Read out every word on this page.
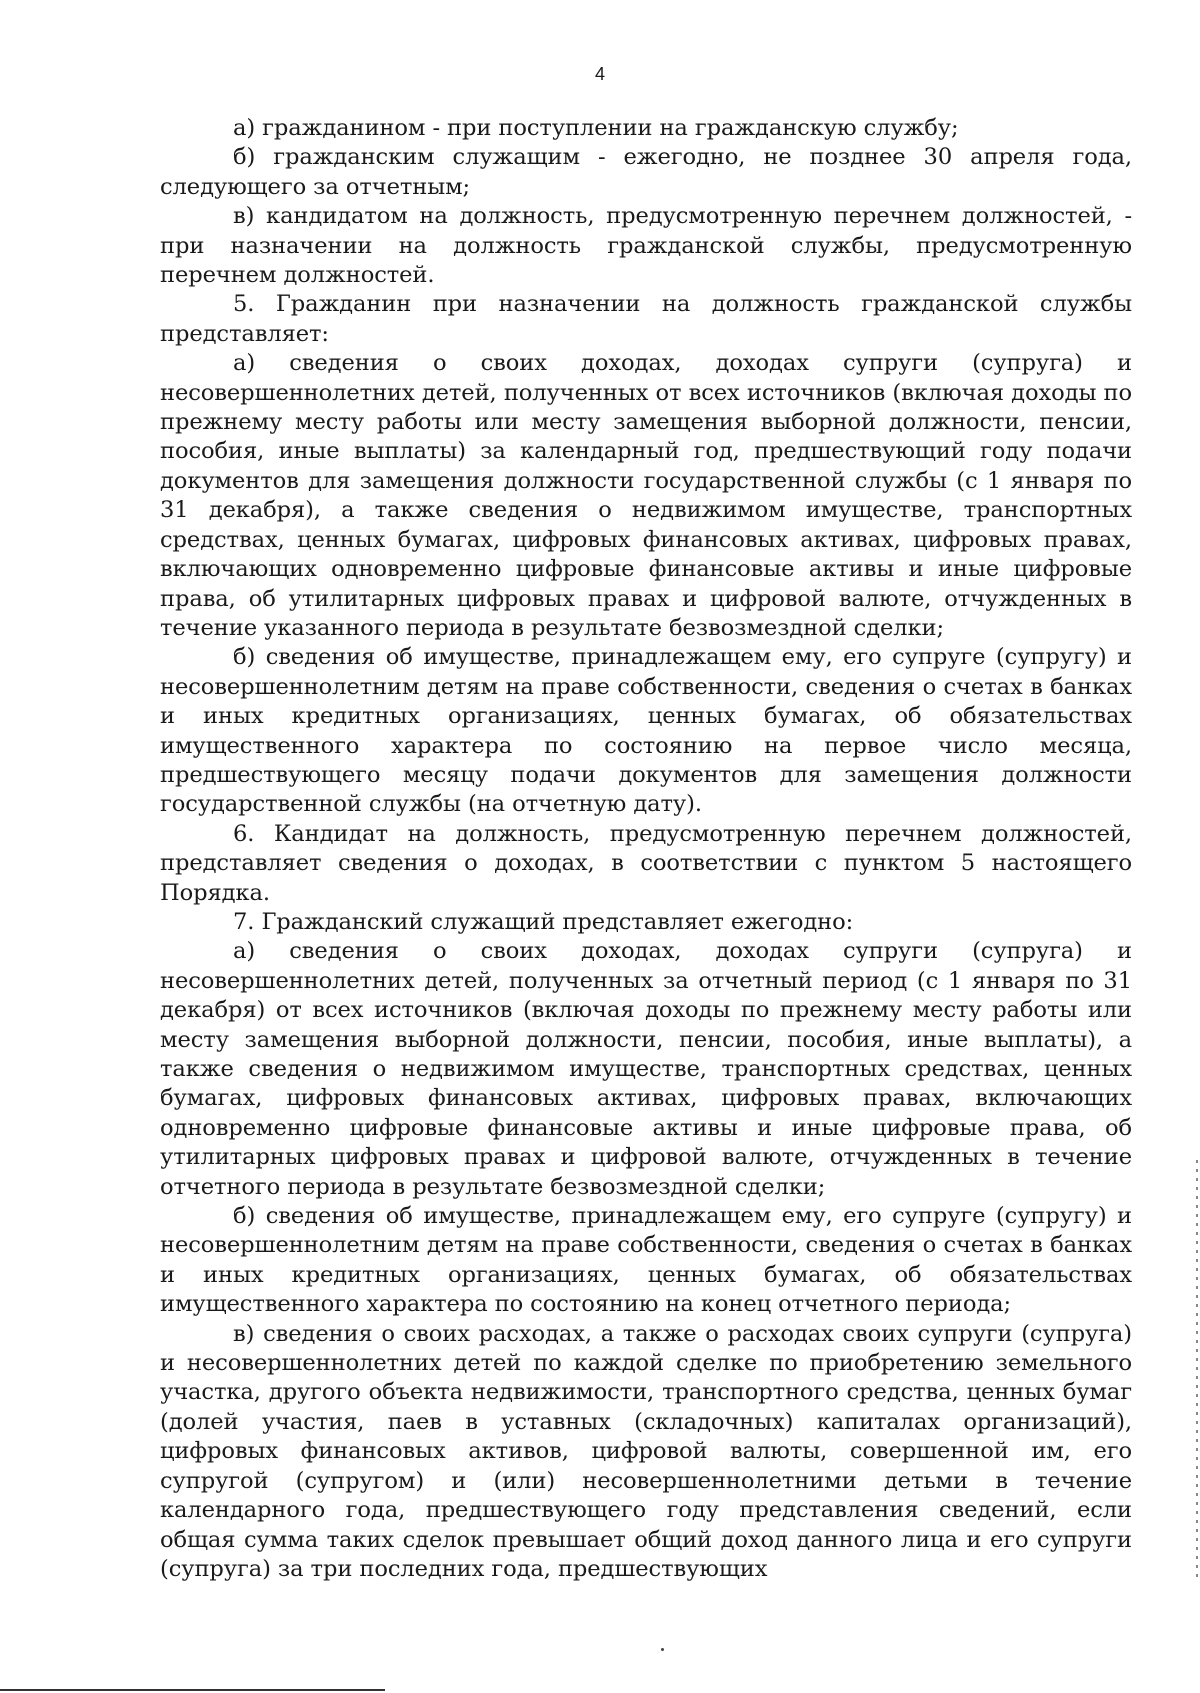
4

а) гражданином - при поступлении на гражданскую службу;

б) гражданским служащим - ежегодно, не позднее 30 апреля года, следующего за отчетным;

в) кандидатом на должность, предусмотренную перечнем должностей, - при назначении на должность гражданской службы, предусмотренную перечнем должностей.

5. Гражданин при назначении на должность гражданской службы представляет:

а) сведения о своих доходах, доходах супруги (супруга) и несовершеннолетних детей, полученных от всех источников (включая доходы по прежнему месту работы или месту замещения выборной должности, пенсии, пособия, иные выплаты) за календарный год, предшествующий году подачи документов для замещения должности государственной службы (с 1 января по 31 декабря), а также сведения о недвижимом имуществе, транспортных средствах, ценных бумагах, цифровых финансовых активах, цифровых правах, включающих одновременно цифровые финансовые активы и иные цифровые права, об утилитарных цифровых правах и цифровой валюте, отчужденных в течение указанного периода в результате безвозмездной сделки;

б) сведения об имуществе, принадлежащем ему, его супруге (супругу) и несовершеннолетним детям на праве собственности, сведения о счетах в банках и иных кредитных организациях, ценных бумагах, об обязательствах имущественного характера по состоянию на первое число месяца, предшествующего месяцу подачи документов для замещения должности государственной службы (на отчетную дату).

6. Кандидат на должность, предусмотренную перечнем должностей, представляет сведения о доходах, в соответствии с пунктом 5 настоящего Порядка.

7. Гражданский служащий представляет ежегодно:

а) сведения о своих доходах, доходах супруги (супруга) и несовершеннолетних детей, полученных за отчетный период (с 1 января по 31 декабря) от всех источников (включая доходы по прежнему месту работы или месту замещения выборной должности, пенсии, пособия, иные выплаты), а также сведения о недвижимом имуществе, транспортных средствах, ценных бумагах, цифровых финансовых активах, цифровых правах, включающих одновременно цифровые финансовые активы и иные цифровые права, об утилитарных цифровых правах и цифровой валюте, отчужденных в течение отчетного периода в результате безвозмездной сделки;

б) сведения об имуществе, принадлежащем ему, его супруге (супругу) и несовершеннолетним детям на праве собственности, сведения о счетах в банках и иных кредитных организациях, ценных бумагах, об обязательствах имущественного характера по состоянию на конец отчетного периода;

в) сведения о своих расходах, а также о расходах своих супруги (супруга) и несовершеннолетних детей по каждой сделке по приобретению земельного участка, другого объекта недвижимости, транспортного средства, ценных бумаг (долей участия, паев в уставных (складочных) капиталах организаций), цифровых финансовых активов, цифровой валюты, совершенной им, его супругой (супругом) и (или) несовершеннолетними детьми в течение календарного года, предшествующего году представления сведений, если общая сумма таких сделок превышает общий доход данного лица и его супруги (супруга) за три последних года, предшествующих
